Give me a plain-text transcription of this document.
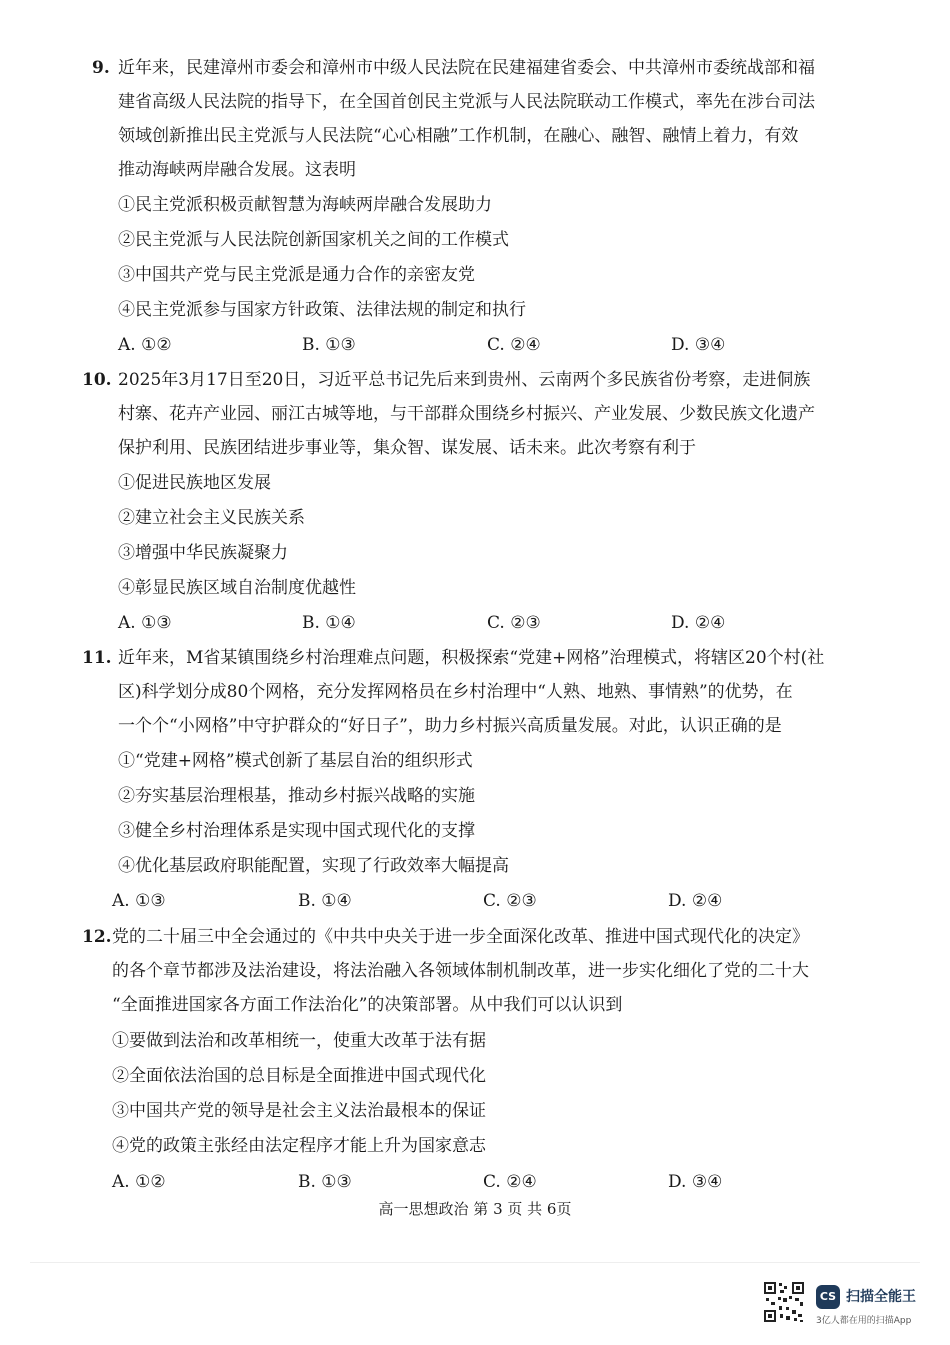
9. 近年来，民建漳州市委会和漳州市中级人民法院在民建福建省委会、中共漳州市委统战部和福
建省高级人民法院的指导下，在全国首创民主党派与人民法院联动工作模式，率先在涉台司法
领域创新推出民主党派与人民法院“心心相融”工作机制，在融心、融智、融情上着力，有效
推动海峡两岸融合发展。这表明
①民主党派积极贡献智慧为海峡两岸融合发展助力
②民主党派与人民法院创新国家机关之间的工作模式
③中国共产党与民主党派是通力合作的亲密友党
④民主党派参与国家方针政策、法律法规的制定和执行
A. ①②	B. ①③	C. ②④	D. ③④
10. 2025年3月17日至20日，习近平总书记先后来到贵州、云南两个多民族省份考察，走进侗族
村寨、花卉产业园、丽江古城等地，与干部群众围绕乡村振兴、产业发展、少数民族文化遗产
保护利用、民族团结进步事业等，集众智、谋发展、话未来。此次考察有利于
①促进民族地区发展
②建立社会主义民族关系
③增强中华民族凝聚力
④彰显民族区域自治制度优越性
A. ①③	B. ①④	C. ②③	D. ②④
11. 近年来，M省某镇围绕乡村治理难点问题，积极探索“党建+网格”治理模式，将辖区20个村(社
区)科学划分成80个网格，充分发挥网格员在乡村治理中“人熟、地熟、事情熟”的优势，在
一个个“小网格”中守护群众的“好日子”，助力乡村振兴高质量发展。对此，认识正确的是
①“党建+网格”模式创新了基层自治的组织形式
②夯实基层治理根基，推动乡村振兴战略的实施
③健全乡村治理体系是实现中国式现代化的支撑
④优化基层政府职能配置，实现了行政效率大幅提高
A. ①③	B. ①④	C. ②③	D. ②④
12. 党的二十届三中全会通过的《中共中央关于进一步全面深化改革、推进中国式现代化的决定》
的各个章节都涉及法治建设，将法治融入各领域体制机制改革，进一步实化细化了党的二十大
“全面推进国家各方面工作法治化”的决策部署。从中我们可以认识到
①要做到法治和改革相统一，使重大改革于法有据
②全面依法治国的总目标是全面推进中国式现代化
③中国共产党的领导是社会主义法治最根本的保证
④党的政策主张经由法定程序才能上升为国家意志
A. ①②	B. ①③	C. ②④	D. ③④
高一思想政治 第 3 页 共 6页
CS 扫描全能王
3亿人都在用的扫描App
